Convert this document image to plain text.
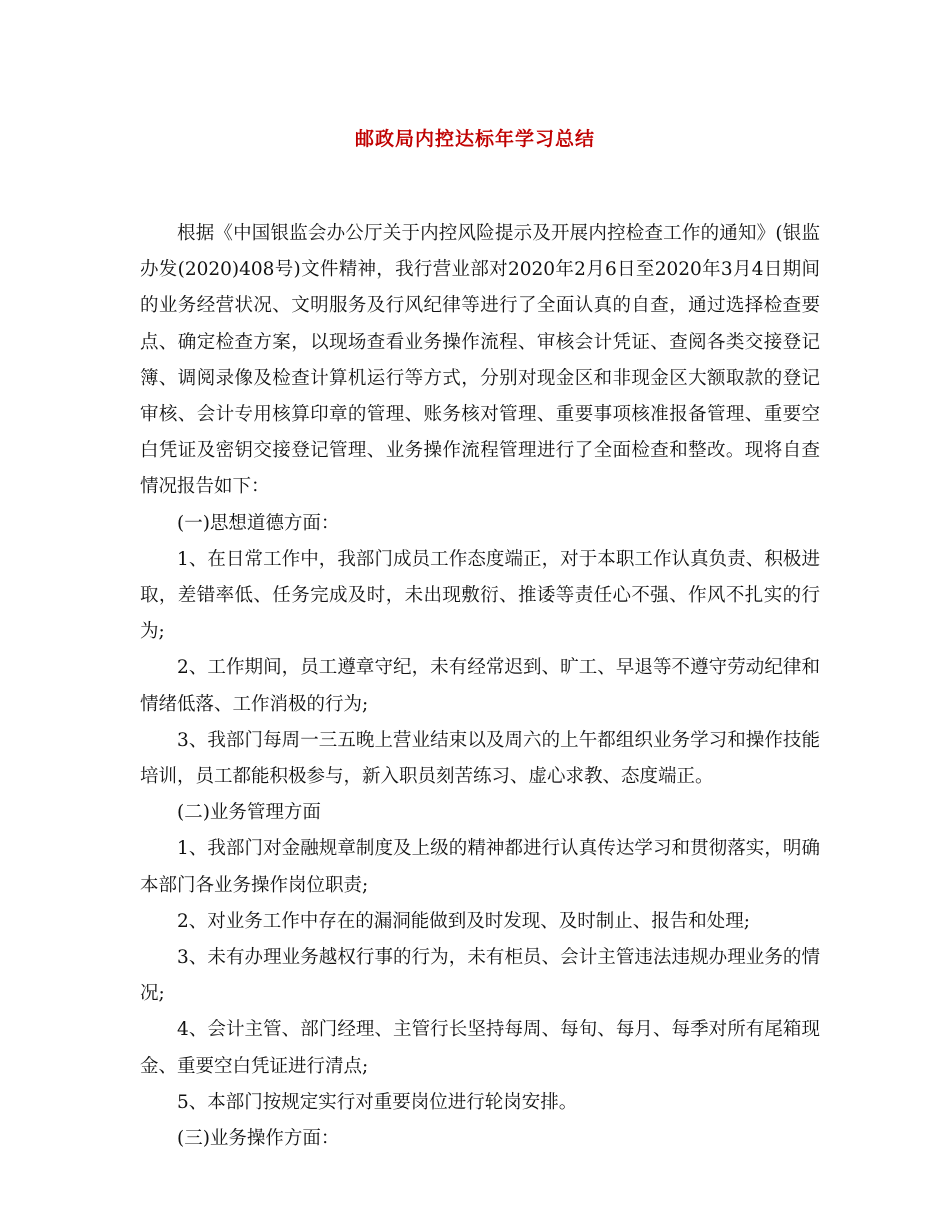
邮政局内控达标年学习总结

根据《中国银监会办公厅关于内控风险提示及开展内控检查工作的通知》(银监办发(2020)408号)文件精神，我行营业部对2020年2月6日至2020年3月4日期间的业务经营状况、文明服务及行风纪律等进行了全面认真的自查，通过选择检查要点、确定检查方案，以现场查看业务操作流程、审核会计凭证、查阅各类交接登记簿、调阅录像及检查计算机运行等方式，分别对现金区和非现金区大额取款的登记审核、会计专用核算印章的管理、账务核对管理、重要事项核准报备管理、重要空白凭证及密钥交接登记管理、业务操作流程管理进行了全面检查和整改。现将自查情况报告如下：

(一)思想道德方面：

1、在日常工作中，我部门成员工作态度端正，对于本职工作认真负责、积极进取，差错率低、任务完成及时，未出现敷衍、推诿等责任心不强、作风不扎实的行为;

2、工作期间，员工遵章守纪，未有经常迟到、旷工、早退等不遵守劳动纪律和情绪低落、工作消极的行为;

3、我部门每周一三五晚上营业结束以及周六的上午都组织业务学习和操作技能培训，员工都能积极参与，新入职员刻苦练习、虚心求教、态度端正。

(二)业务管理方面

1、我部门对金融规章制度及上级的精神都进行认真传达学习和贯彻落实，明确本部门各业务操作岗位职责;

2、对业务工作中存在的漏洞能做到及时发现、及时制止、报告和处理;

3、未有办理业务越权行事的行为，未有柜员、会计主管违法违规办理业务的情况;

4、会计主管、部门经理、主管行长坚持每周、每旬、每月、每季对所有尾箱现金、重要空白凭证进行清点;

5、本部门按规定实行对重要岗位进行轮岗安排。

(三)业务操作方面：
